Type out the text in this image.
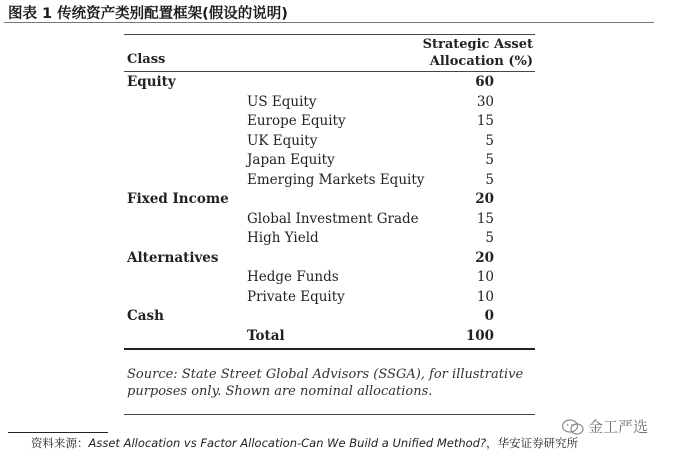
图表 1 传统资产类别配置框架(假设的说明)
Class
Strategic Asset
Allocation (%)
Equity	60
US Equity	30
Europe Equity	15
UK Equity	5
Japan Equity	5
Emerging Markets Equity	5
Fixed Income	20
Global Investment Grade	15
High Yield	5
Alternatives	20
Hedge Funds	10
Private Equity	10
Cash	0
Total	100
Source: State Street Global Advisors (SSGA), for illustrative purposes only. Shown are nominal allocations.
资料来源：Asset Allocation vs Factor Allocation-Can We Build a Unified Method?，华安证券研究所
金工严选
